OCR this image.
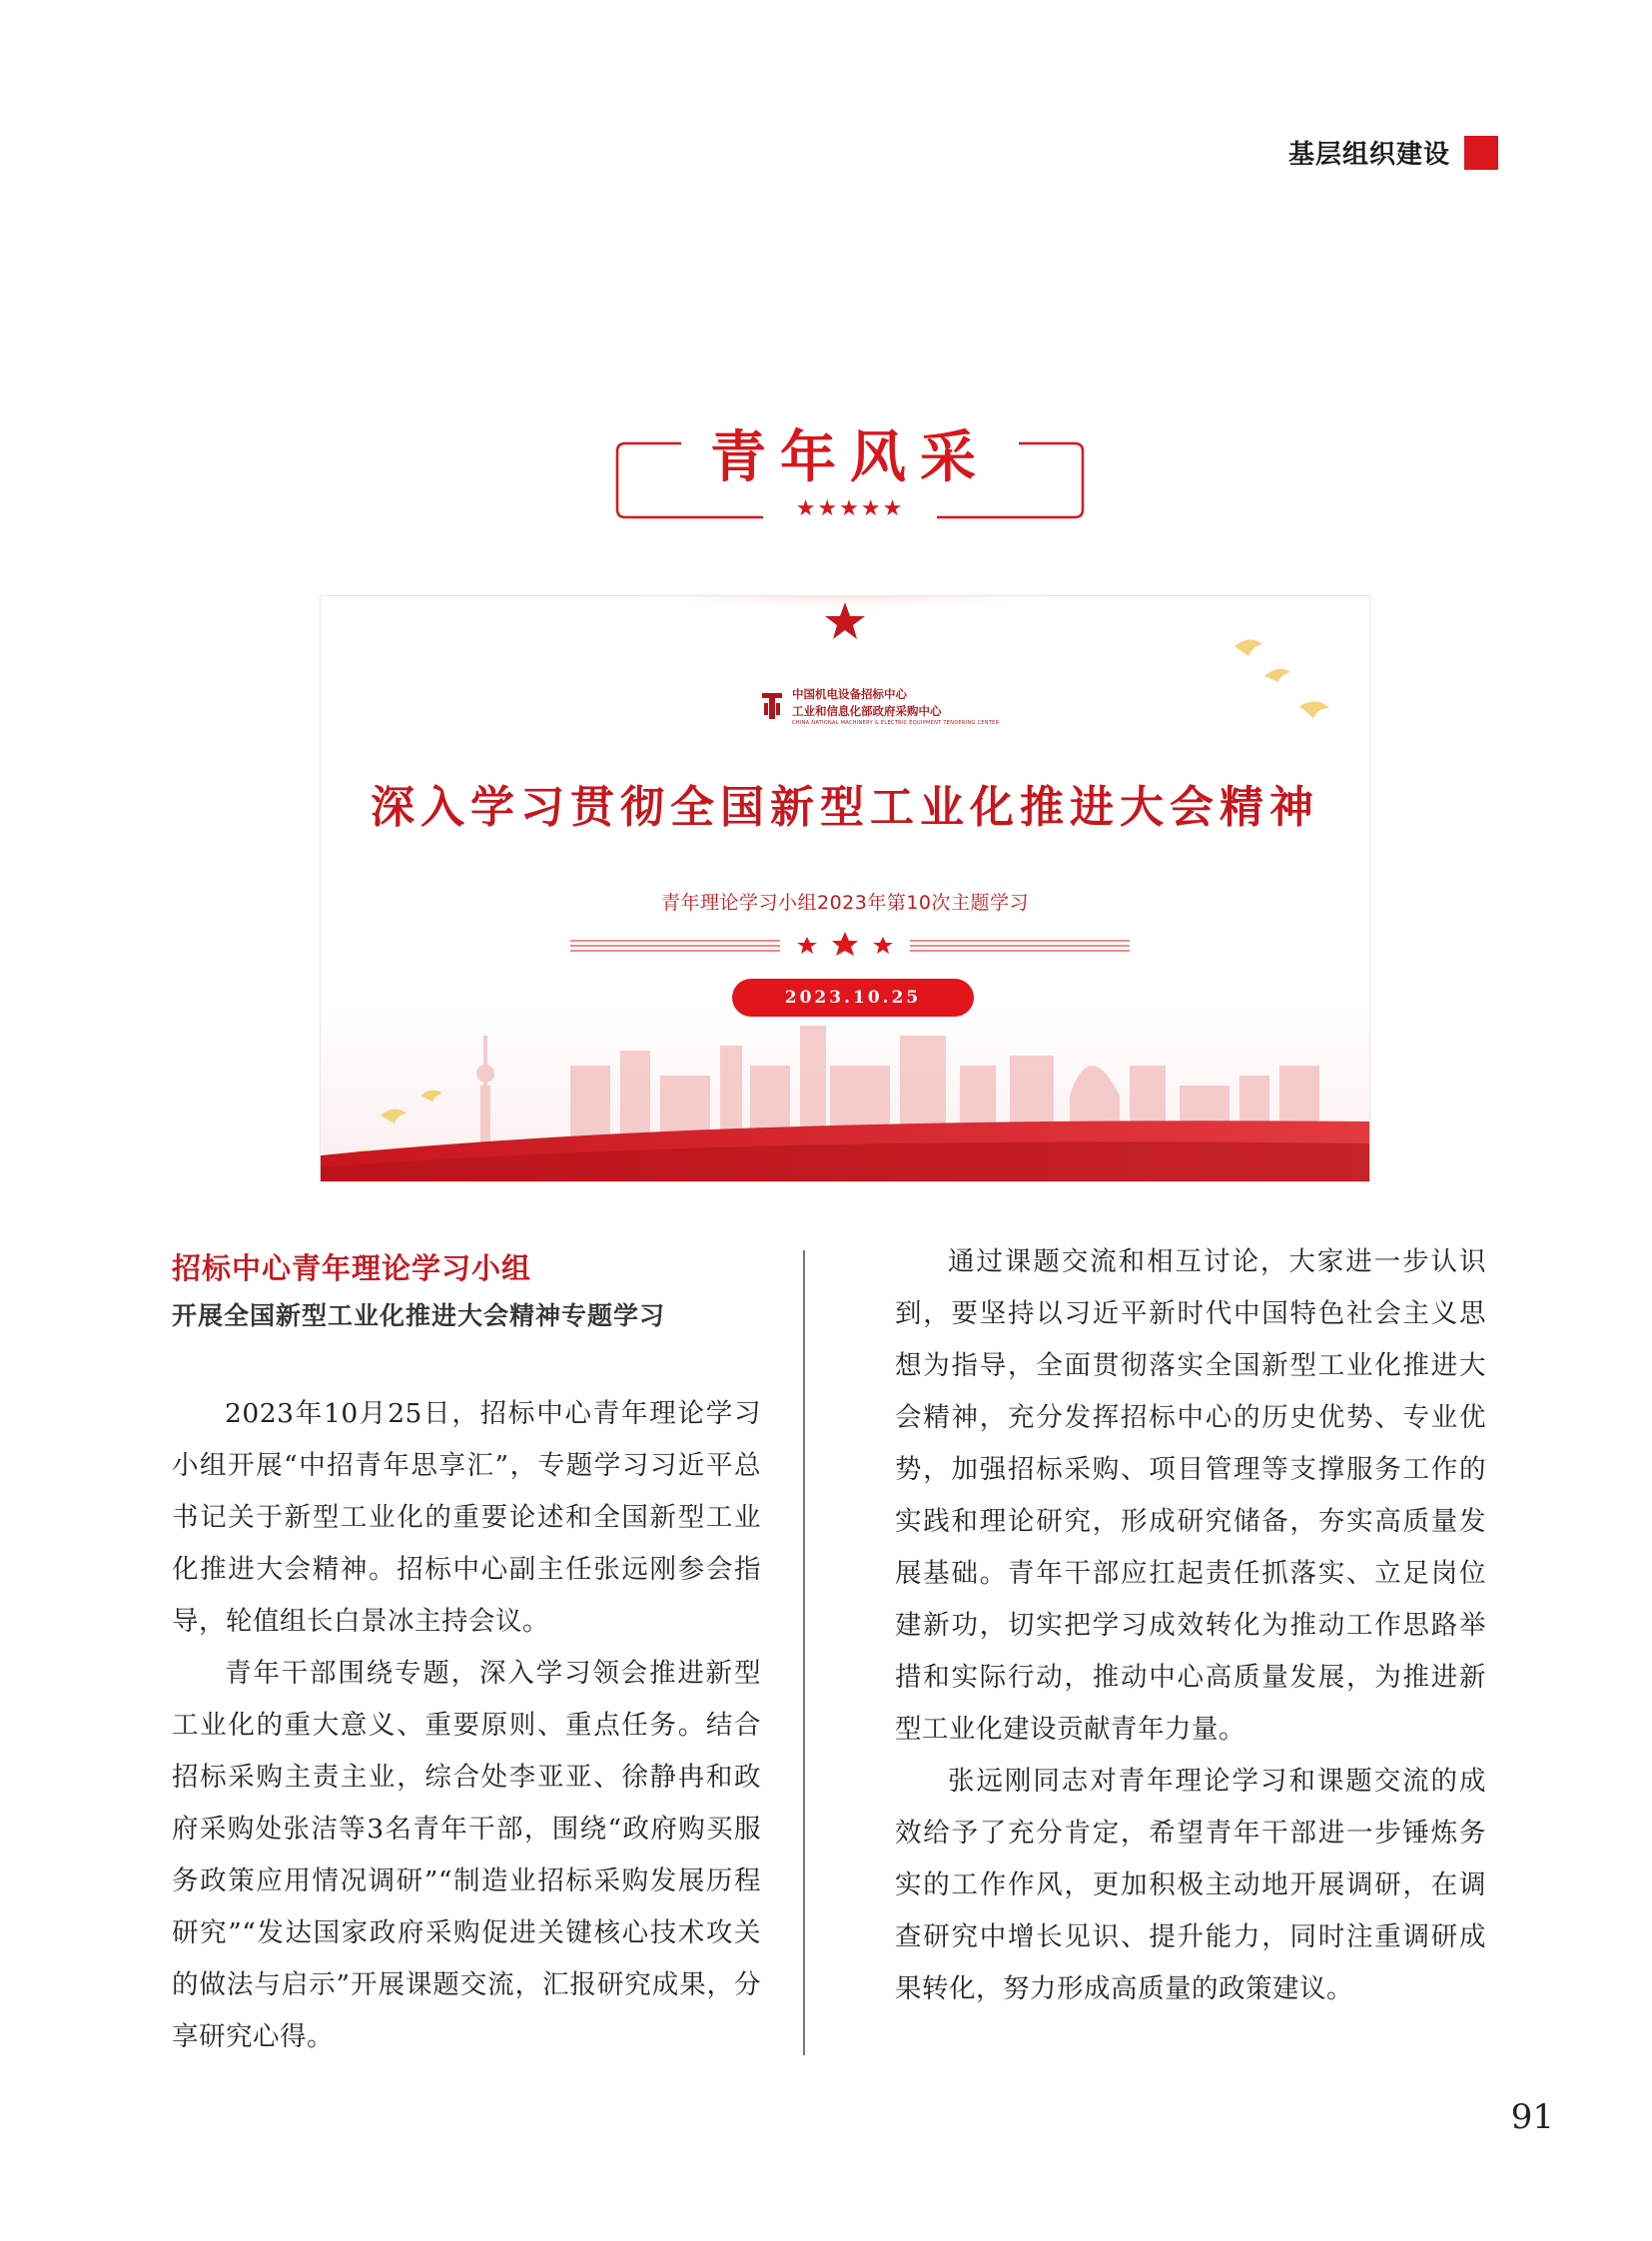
基层组织建设
青年风采
★★★★★
中国机电设备招标中心
工业和信息化部政府采购中心
CHINA NATIONAL MACHINERY & ELECTRIC EQUIPMENT TENDERING CENTER
深入学习贯彻全国新型工业化推进大会精神
青年理论学习小组2023年第10次主题学习
2023.10.25
招标中心青年理论学习小组
开展全国新型工业化推进大会精神专题学习

2023年10月25日，招标中心青年理论学习小组开展“中招青年思享汇”，专题学习习近平总书记关于新型工业化的重要论述和全国新型工业化推进大会精神。招标中心副主任张远刚参会指导，轮值组长白景冰主持会议。

青年干部围绕专题，深入学习领会推进新型工业化的重大意义、重要原则、重点任务。结合招标采购主责主业，综合处李亚亚、徐静冉和政府采购处张洁等3名青年干部，围绕“政府购买服务政策应用情况调研”“制造业招标采购发展历程研究”“发达国家政府采购促进关键核心技术攻关的做法与启示”开展课题交流，汇报研究成果，分享研究心得。

通过课题交流和相互讨论，大家进一步认识到，要坚持以习近平新时代中国特色社会主义思想为指导，全面贯彻落实全国新型工业化推进大会精神，充分发挥招标中心的历史优势、专业优势，加强招标采购、项目管理等支撑服务工作的实践和理论研究，形成研究储备，夯实高质量发展基础。青年干部应扛起责任抓落实、立足岗位建新功，切实把学习成效转化为推动工作思路举措和实际行动，推动中心高质量发展，为推进新型工业化建设贡献青年力量。

张远刚同志对青年理论学习和课题交流的成效给予了充分肯定，希望青年干部进一步锤炼务实的工作作风，更加积极主动地开展调研，在调查研究中增长见识、提升能力，同时注重调研成果转化，努力形成高质量的政策建议。

91
